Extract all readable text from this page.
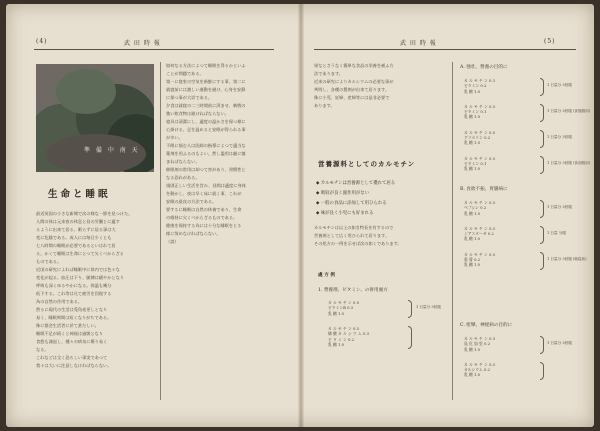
(4)	武 田 時 報
準 備 中 南 天
生命と睡眠
最近英国の小さな新聞で次の様な一節を見つけた。
人間の体は元来夜の休息と昼の労働とに適す
るように出来て居る。眠らずに居る事は大
変に危険である。成人には毎日少くとも
七八時間の睡眠が必要であるといはれて居
る。かくて睡眠は生命にとつて欠くべからざる
ものである。
近頃の研究によれば睡眠中に体内では色々な
変化が起る。血圧は下り、脈搏は緩やかとなり
呼吸も深くゆるやかになる。体温も幾分
低下する。これ等は凡て疲労を回復する
為の自然の作用である。
然るに現代の生活は兎角夜更しとなり
易く、睡眠時間は短くなりがちである。
殊に都会生活者に於て甚だしい。
睡眠不足が続くと神経は過敏となり
食慾も減退し、種々の病気に罹り易く
なる。
これなどは全く恐ろしい事実であつて
我々は大いに注意しなければならない。
如何なる方法によつて睡眠を得るかといふ
ことが問題である。
第一に寝室の空気を新鮮にする事、第二に
就寝前には激しい運動を避け、心身を安静
に保つ事が大切である。
夕食は就寝の二三時間前に済ませ、刺戟の
強い飲食物は避けねばならない。
寝具は清潔にし、適度の温かさを保つ様に
心掛ける。足を温めると安眠が得られる事
が多い。
不眠に悩む人は医師の指導によつて適当な
薬剤を用ふるのもよい。然し濫用は厳に慎
まねばならない。
催眠剤の常用は却つて害があり、習慣性と
なる恐れがある。
規則正しい生活を営み、昼間は適度に身体
を動かし、夜は早く床に就く事、これが
安眠の最良の方法である。
要するに睡眠は自然の休養であり、生命
の維持に欠くべからざるものである。
健康を保持する為には十分な睡眠をとる
様に努めなければならない。
（談）
武 田 時 報	(5)
果なとさうなく簡単な食品の栄養を補ふ方
法であります。
近来の研究によりカルシウムの必要な事が
判明し、各種の製剤が出来て居ります。
殊に小児、妊婦、産婦等には是非必要で
あります。
営養源料としてのカルモチン
◆ カルモチンは営養源として優れて居る
◆ 吸収が良く副作用がない
◆ 一般の食品に添加して用ひられる
◆ 味が良く小児にも好まれる
カルモチンは以上の如き特長を有するので
営養剤として広く用ひられて居ります。
その処方の一例を示せば次の如くであります。
處 方 例
1. 營養剤、ビタミン、の併用處方
カ ル モ チ ン 0.5
ビタミンB 0.3
乳 糖 1.0
1 日量分 3回服
カ ル モ チ ン 0.5
燐 酸 カ ル シ ウ ム 0.3
ビ タ ミ ン 0.2
乳 糖 1.0
A. 強壮、營養の目的に
カ ル モ チ ン 0.3
ビタミン 0.2
乳 糖 1.0
1 日量分 3回服
カ ル モ チ ン 0.3
ビタミン 0.1
乳 糖 1.0
1 日量分 3回服 (食後服用)
カ ル モ チ ン 0.5
グリセリン 0.2
乳 糖 1.0
1 日量分 3回服
カ ル モ チ ン 0.3
ビタミン 0.1
乳 糖 1.0
1 日量分 3回服 (食前服用)
B. 食欲不振、胃腸病に
カ ル モ チ ン 0.3
ペプシン 0.2
乳 糖 1.0
1 日量分 3回服
カ ル モ チ ン 0.3
ジアスターゼ 0.2
乳 糖 1.0
1 日量 分服
カ ル モ チ ン 0.3
重 曹 0.2
乳 糖 1.0
1 日量分 3回服 (就寝前)
C. 痙攣、神経病の目的に
カ ル モ チ ン 0.3
臭 化 加 里 0.2
乳 糖 1.0
1 日量分 3回服
カ ル モ チ ン 0.3
カルシウム 0.2
乳 糖 1.0
